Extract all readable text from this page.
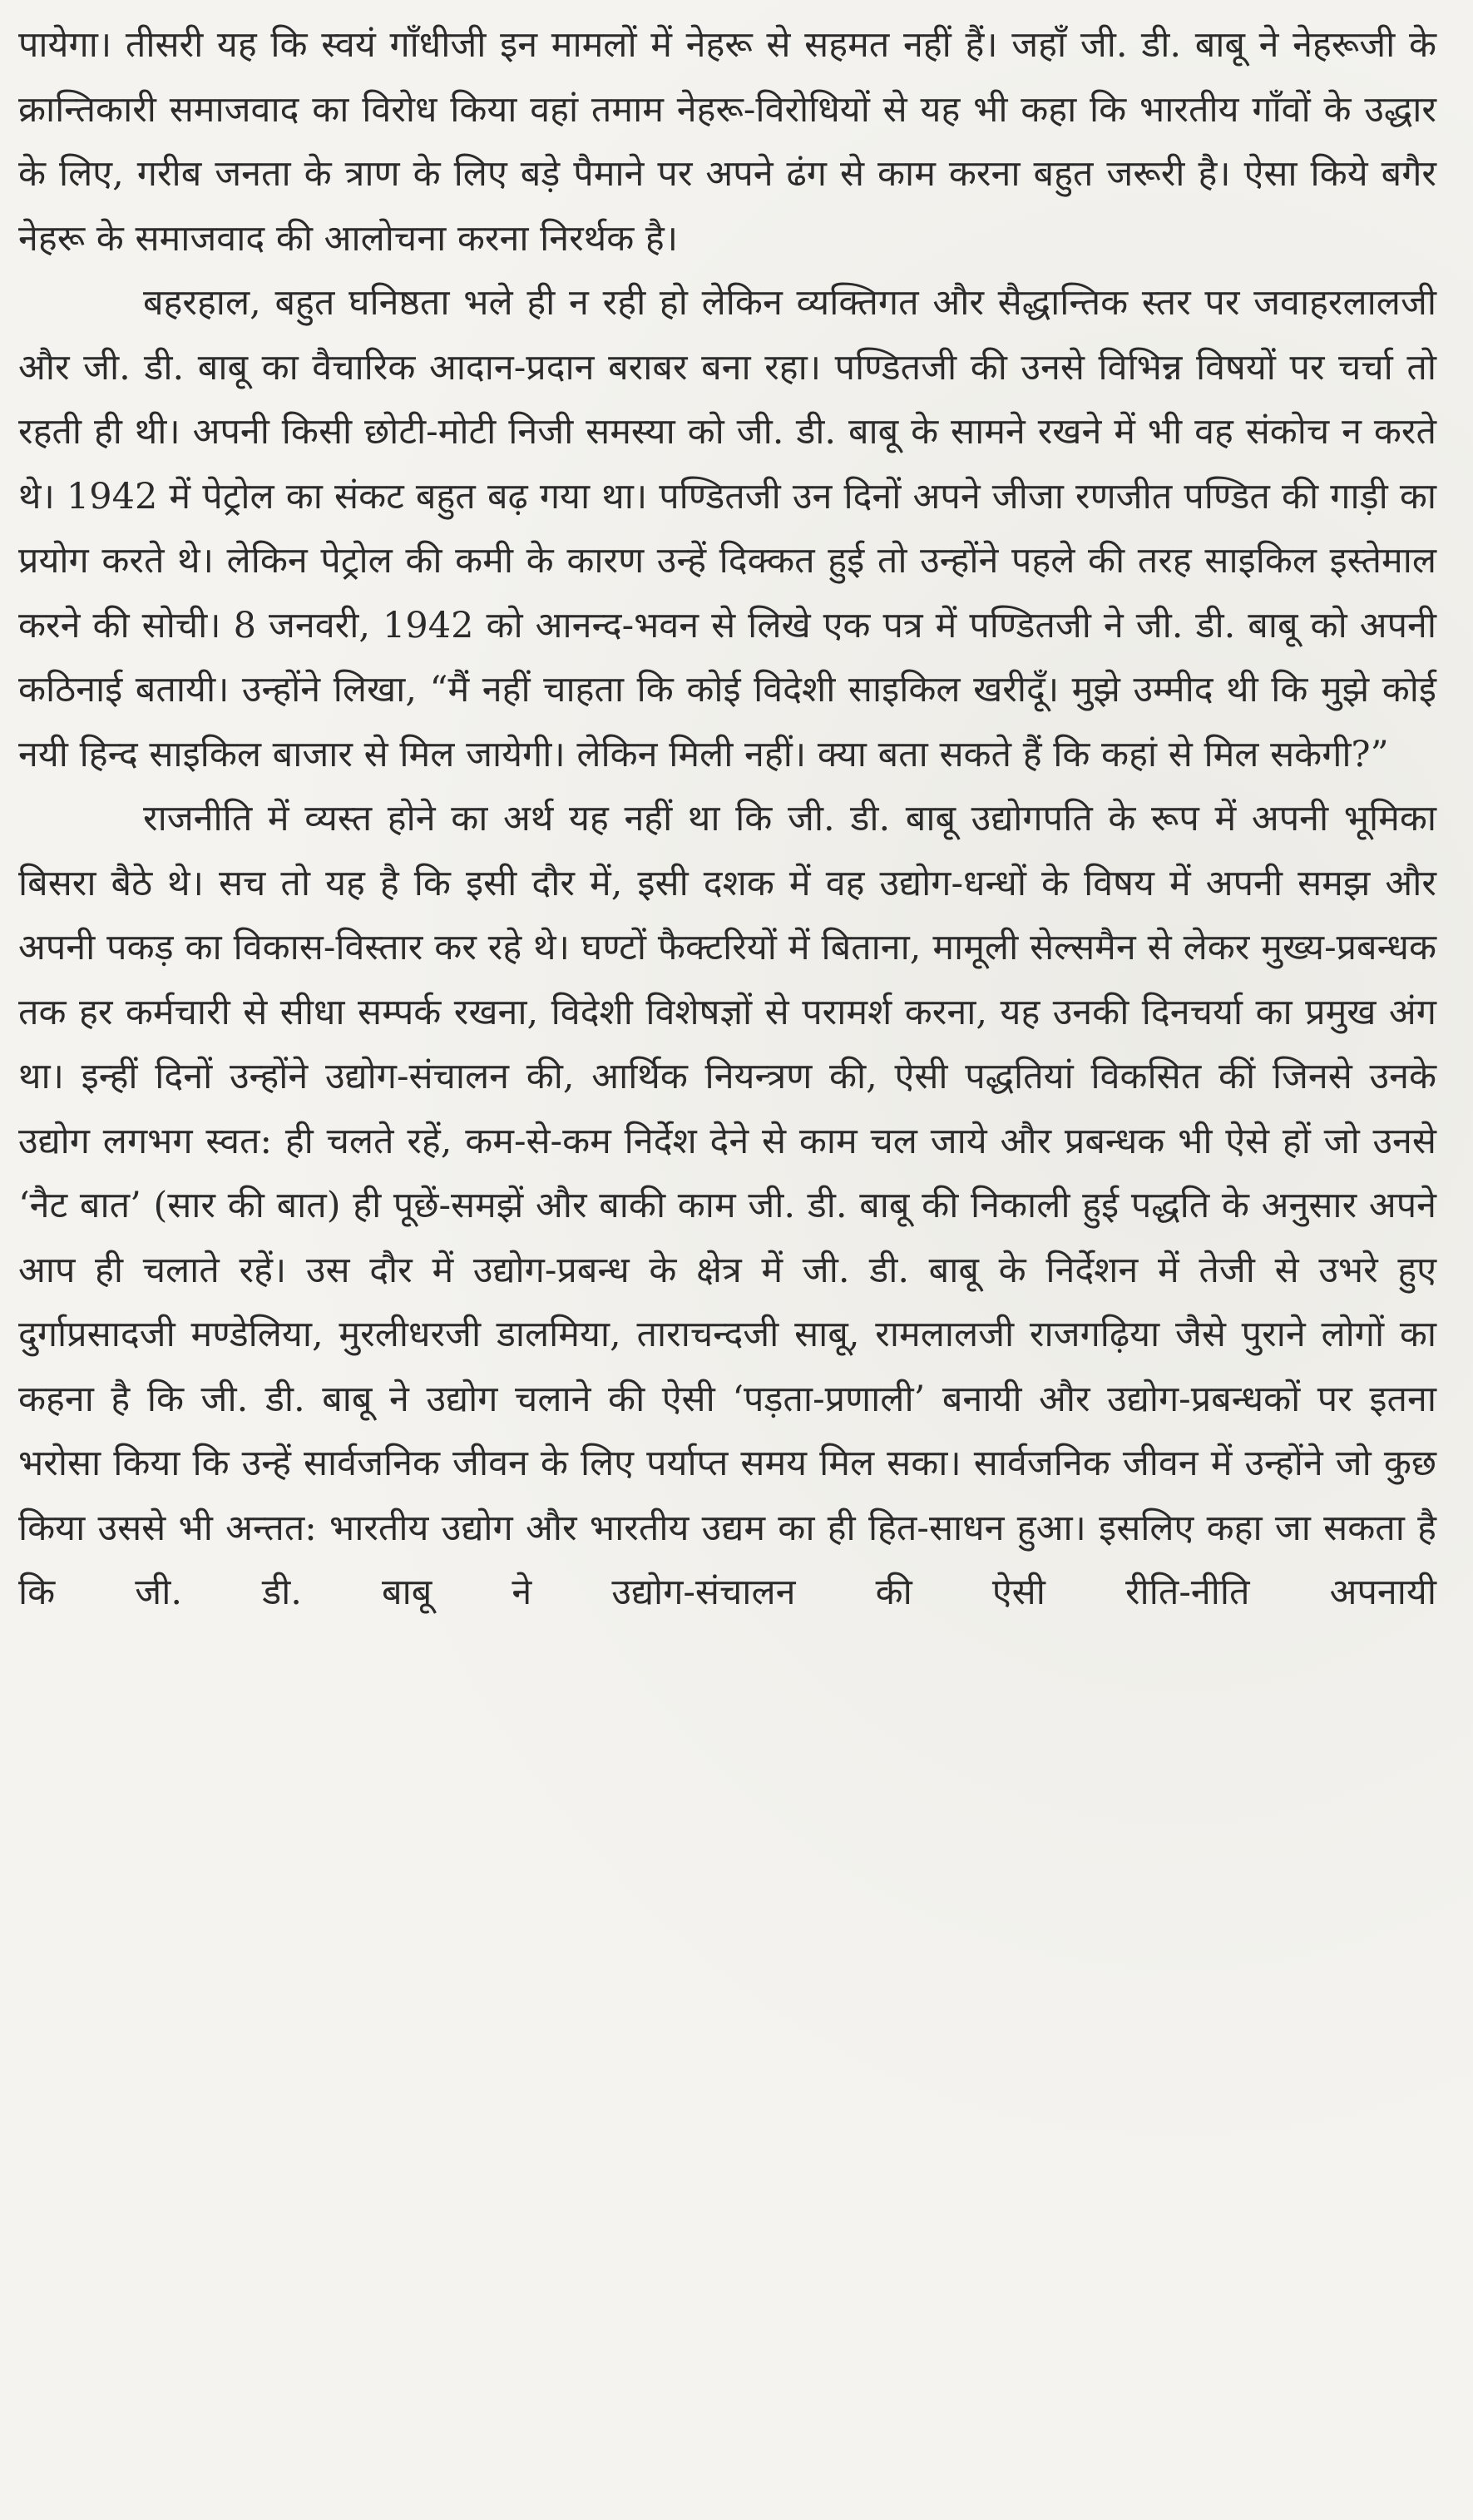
पायेगा। तीसरी यह कि स्वयं गाँधीजी इन मामलों में नेहरू से सहमत नहीं हैं। जहाँ जी. डी. बाबू ने नेहरूजी के क्रान्तिकारी समाजवाद का विरोध किया वहां तमाम नेहरू-विरोधियों से यह भी कहा कि भारतीय गाँवों के उद्धार के लिए, गरीब जनता के त्राण के लिए बड़े पैमाने पर अपने ढंग से काम करना बहुत जरूरी है। ऐसा किये बगैर नेहरू के समाजवाद की आलोचना करना निरर्थक है।

बहरहाल, बहुत घनिष्ठता भले ही न रही हो लेकिन व्यक्तिगत और सैद्धान्तिक स्तर पर जवाहरलालजी और जी. डी. बाबू का वैचारिक आदान-प्रदान बराबर बना रहा। पण्डितजी की उनसे विभिन्न विषयों पर चर्चा तो रहती ही थी। अपनी किसी छोटी-मोटी निजी समस्या को जी. डी. बाबू के सामने रखने में भी वह संकोच न करते थे। 1942 में पेट्रोल का संकट बहुत बढ़ गया था। पण्डितजी उन दिनों अपने जीजा रणजीत पण्डित की गाड़ी का प्रयोग करते थे। लेकिन पेट्रोल की कमी के कारण उन्हें दिक्कत हुई तो उन्होंने पहले की तरह साइकिल इस्तेमाल करने की सोची। 8 जनवरी, 1942 को आनन्द-भवन से लिखे एक पत्र में पण्डितजी ने जी. डी. बाबू को अपनी कठिनाई बतायी। उन्होंने लिखा, “मैं नहीं चाहता कि कोई विदेशी साइकिल खरीदूँ। मुझे उम्मीद थी कि मुझे कोई नयी हिन्द साइकिल बाजार से मिल जायेगी। लेकिन मिली नहीं। क्या बता सकते हैं कि कहां से मिल सकेगी?”

राजनीति में व्यस्त होने का अर्थ यह नहीं था कि जी. डी. बाबू उद्योगपति के रूप में अपनी भूमिका बिसरा बैठे थे। सच तो यह है कि इसी दौर में, इसी दशक में वह उद्योग-धन्धों के विषय में अपनी समझ और अपनी पकड़ का विकास-विस्तार कर रहे थे। घण्टों फैक्टरियों में बिताना, मामूली सेल्समैन से लेकर मुख्य-प्रबन्धक तक हर कर्मचारी से सीधा सम्पर्क रखना, विदेशी विशेषज्ञों से परामर्श करना, यह उनकी दिनचर्या का प्रमुख अंग था। इन्हीं दिनों उन्होंने उद्योग-संचालन की, आर्थिक नियन्त्रण की, ऐसी पद्धतियां विकसित कीं जिनसे उनके उद्योग लगभग स्वत: ही चलते रहें, कम-से-कम निर्देश देने से काम चल जाये और प्रबन्धक भी ऐसे हों जो उनसे ‘नैट बात’ (सार की बात) ही पूछें-समझें और बाकी काम जी. डी. बाबू की निकाली हुई पद्धति के अनुसार अपने आप ही चलाते रहें। उस दौर में उद्योग-प्रबन्ध के क्षेत्र में जी. डी. बाबू के निर्देशन में तेजी से उभरे हुए दुर्गाप्रसादजी मण्डेलिया, मुरलीधरजी डालमिया, ताराचन्दजी साबू, रामलालजी राजगढ़िया जैसे पुराने लोगों का कहना है कि जी. डी. बाबू ने उद्योग चलाने की ऐसी ‘पड़ता-प्रणाली’ बनायी और उद्योग-प्रबन्धकों पर इतना भरोसा किया कि उन्हें सार्वजनिक जीवन के लिए पर्याप्त समय मिल सका। सार्वजनिक जीवन में उन्होंने जो कुछ किया उससे भी अन्तत: भारतीय उद्योग और भारतीय उद्यम का ही हित-साधन हुआ। इसलिए कहा जा सकता है कि जी. डी. बाबू ने उद्योग-संचालन की ऐसी रीति-नीति अपनायी
